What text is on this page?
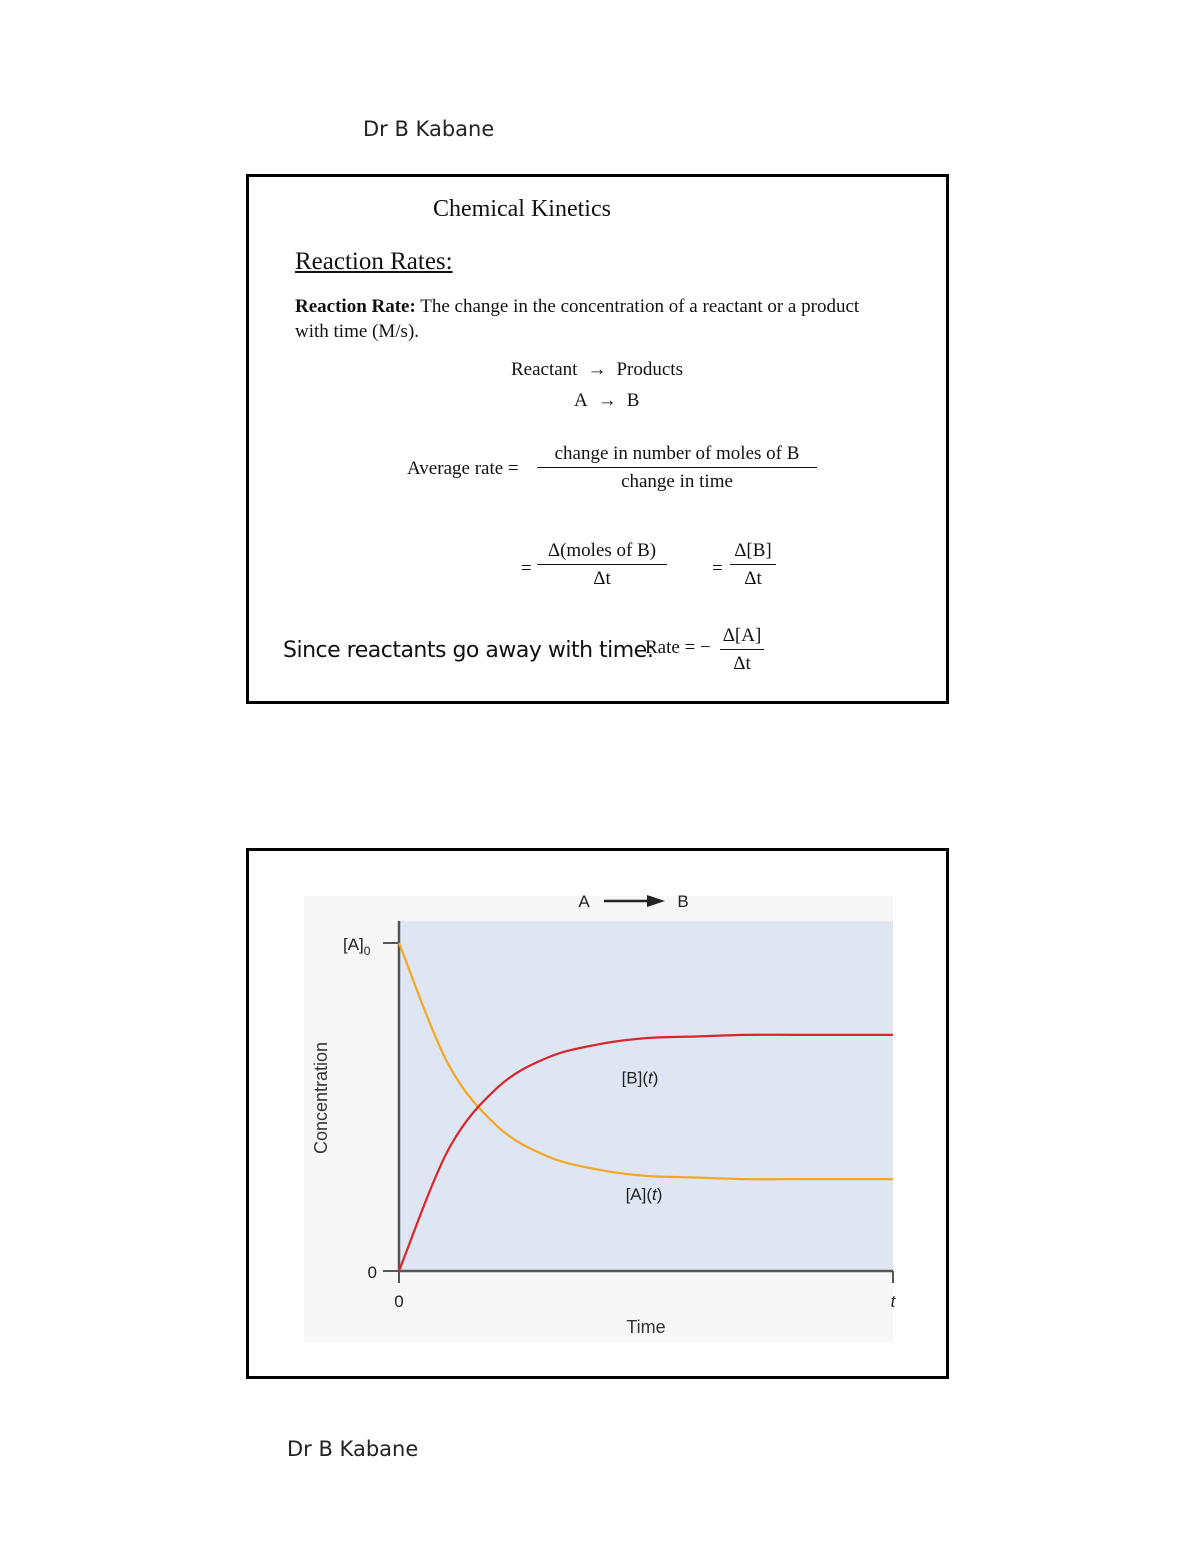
Dr B Kabane
Chemical Kinetics
Reaction Rates:
Reaction Rate: The change in the concentration of a reactant or a product with time (M/s).
Reactant → Products
A → B
Average rate =
change in number of moles of B
change in time
=
Δ(moles of B)
Δt	= $\frac{\Delta[B]}{\Delta t}$
Since reactants go away with time:
Rate = − $\frac{\Delta[A]}{\Delta t}$
A	B
0
$[A]_0$
0	t
[B](t)
[A](t)
Concentration
Time
Dr B Kabane
